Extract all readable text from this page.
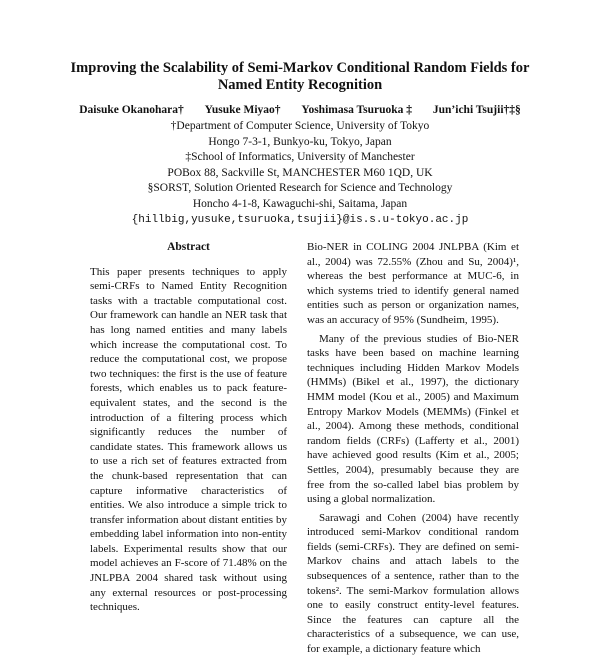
Improving the Scalability of Semi-Markov Conditional Random Fields for Named Entity Recognition
Daisuke Okanohara† Yusuke Miyao† Yoshimasa Tsuruoka ‡ Jun’ichi Tsujii†‡§
†Department of Computer Science, University of Tokyo
Hongo 7-3-1, Bunkyo-ku, Tokyo, Japan
‡School of Informatics, University of Manchester
POBox 88, Sackville St, MANCHESTER M60 1QD, UK
§SORST, Solution Oriented Research for Science and Technology
Honcho 4-1-8, Kawaguchi-shi, Saitama, Japan
{hillbig,yusuke,tsuruoka,tsujii}@is.s.u-tokyo.ac.jp
Abstract
This paper presents techniques to apply semi-CRFs to Named Entity Recognition tasks with a tractable computational cost. Our framework can handle an NER task that has long named entities and many labels which increase the computational cost. To reduce the computational cost, we propose two techniques: the first is the use of feature forests, which enables us to pack feature-equivalent states, and the second is the introduction of a filtering process which significantly reduces the number of candidate states. This framework allows us to use a rich set of features extracted from the chunk-based representation that can capture informative characteristics of entities. We also introduce a simple trick to transfer information about distant entities by embedding label information into non-entity labels. Experimental results show that our model achieves an F-score of 71.48% on the JNLPBA 2004 shared task without using any external resources or post-processing techniques.

Bio-NER in COLING 2004 JNLPBA (Kim et al., 2004) was 72.55% (Zhou and Su, 2004)¹, whereas the best performance at MUC-6, in which systems tried to identify general named entities such as person or organization names, was an accuracy of 95% (Sundheim, 1995).

Many of the previous studies of Bio-NER tasks have been based on machine learning techniques including Hidden Markov Models (HMMs) (Bikel et al., 1997), the dictionary HMM model (Kou et al., 2005) and Maximum Entropy Markov Models (MEMMs) (Finkel et al., 2004). Among these methods, conditional random fields (CRFs) (Lafferty et al., 2001) have achieved good results (Kim et al., 2005; Settles, 2004), presumably because they are free from the so-called label bias problem by using a global normalization.

Sarawagi and Cohen (2004) have recently introduced semi-Markov conditional random fields (semi-CRFs). They are defined on semi-Markov chains and attach labels to the subsequences of a sentence, rather than to the tokens². The semi-Markov formulation allows one to easily construct entity-level features. Since the features can capture all the characteristics of a subsequence, we can use, for example, a dictionary feature which
